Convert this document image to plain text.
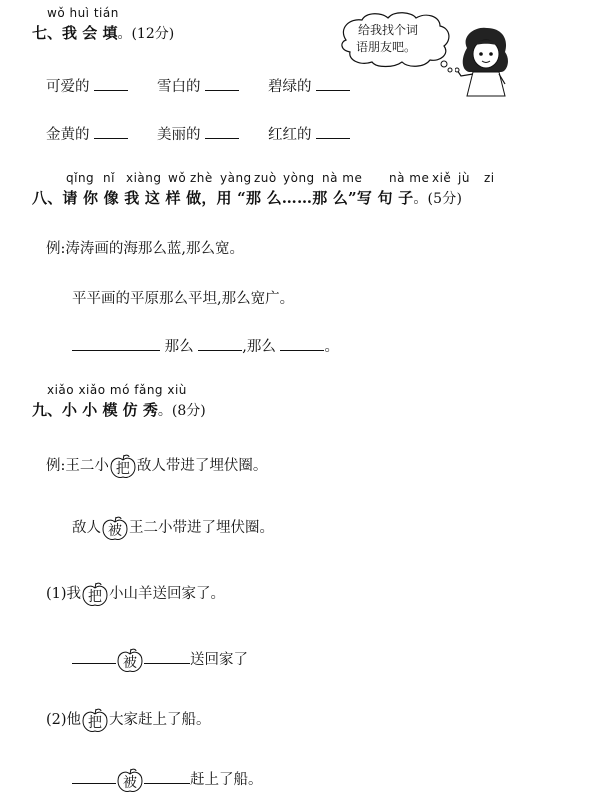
wǒ huì tián
七、我 会 填。(12分)	给我找个词
语朋友吧。
可爱的	雪白的	碧绿的
金黄的	美丽的	红红的
qǐng nǐ xiàng wǒ zhè yàng zuò yòng nà me nà me xiě jù zi
八、请 你 像 我 这 样 做，用 “那 么……那 么”写 句 子。(5分)
例:涛涛画的海那么蓝,那么宽。
平平画的平原那么平坦,那么宽广。
那么	,那么	。
xiǎo xiǎo mó fǎng xiù
九、小 小 模 仿 秀。(8分)
例:王二小 把 敌人带进了埋伏圈。
敌人 被 王二小带进了埋伏圈。
(1)我 把 小山羊送回家了。
被	送回家了
(2)他 把 大家赶上了船。
被	赶上了船。
